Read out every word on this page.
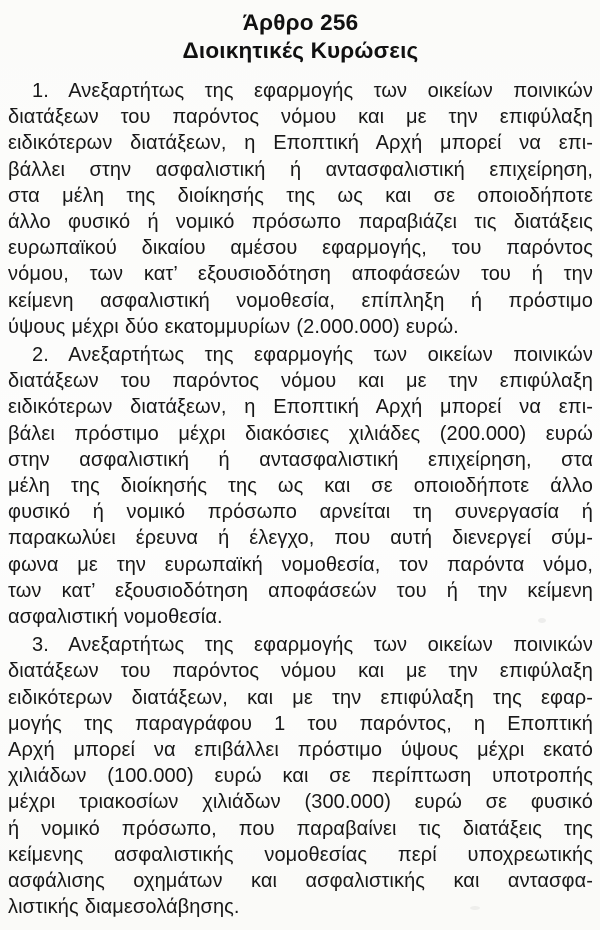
Άρθρο 256
Διοικητικές Κυρώσεις
1. Ανεξαρτήτως της εφαρμογής των οικείων ποινικών
διατάξεων του παρόντος νόμου και με την επιφύλαξη
ειδικότερων διατάξεων, η Εποπτική Αρχή μπορεί να επι-
βάλλει στην ασφαλιστική ή αντασφαλιστική επιχείρηση,
στα μέλη της διοίκησής της ως και σε οποιοδήποτε
άλλο φυσικό ή νομικό πρόσωπο παραβιάζει τις διατάξεις
ευρωπαϊκού δικαίου αμέσου εφαρμογής, του παρόντος
νόμου, των κατ’ εξουσιοδότηση αποφάσεών του ή την
κείμενη ασφαλιστική νομοθεσία, επίπληξη ή πρόστιμο
ύψους μέχρι δύο εκατομμυρίων (2.000.000) ευρώ.
2. Ανεξαρτήτως της εφαρμογής των οικείων ποινικών
διατάξεων του παρόντος νόμου και με την επιφύλαξη
ειδικότερων διατάξεων, η Εποπτική Αρχή μπορεί να επι-
βάλει πρόστιμο μέχρι διακόσιες χιλιάδες (200.000) ευρώ
στην ασφαλιστική ή αντασφαλιστική επιχείρηση, στα
μέλη της διοίκησής της ως και σε οποιοδήποτε άλλο
φυσικό ή νομικό πρόσωπο αρνείται τη συνεργασία ή
παρακωλύει έρευνα ή έλεγχο, που αυτή διενεργεί σύμ-
φωνα με την ευρωπαϊκή νομοθεσία, τον παρόντα νόμο,
των κατ’ εξουσιοδότηση αποφάσεών του ή την κείμενη
ασφαλιστική νομοθεσία.
3. Ανεξαρτήτως της εφαρμογής των οικείων ποινικών
διατάξεων του παρόντος νόμου και με την επιφύλαξη
ειδικότερων διατάξεων, και με την επιφύλαξη της εφαρ-
μογής της παραγράφου 1 του παρόντος, η Εποπτική
Αρχή μπορεί να επιβάλλει πρόστιμο ύψους μέχρι εκατό
χιλιάδων (100.000) ευρώ και σε περίπτωση υποτροπής
μέχρι τριακοσίων χιλιάδων (300.000) ευρώ σε φυσικό
ή νομικό πρόσωπο, που παραβαίνει τις διατάξεις της
κείμενης ασφαλιστικής νομοθεσίας περί υποχρεωτικής
ασφάλισης οχημάτων και ασφαλιστικής και αντασφα-
λιστικής διαμεσολάβησης.
